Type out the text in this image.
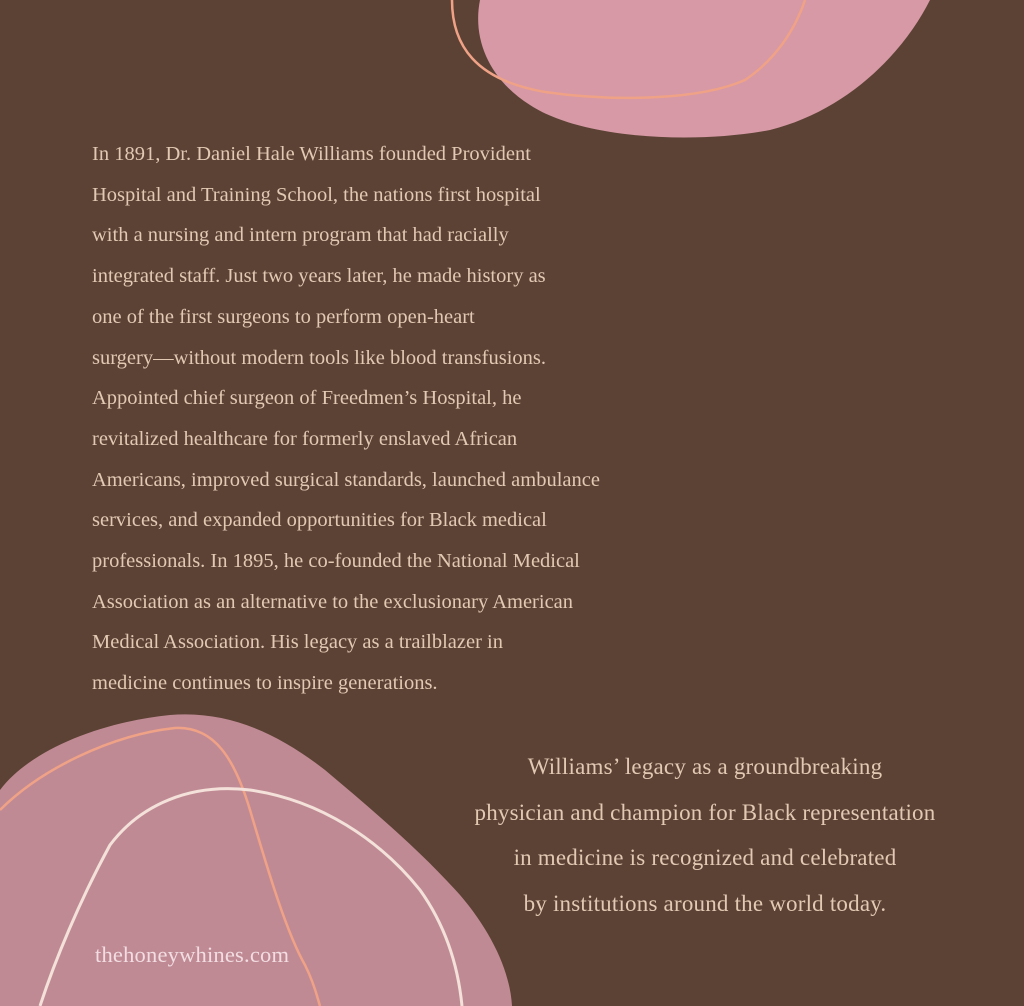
In 1891, Dr. Daniel Hale Williams founded Provident
Hospital and Training School, the nations first hospital
with a nursing and intern program that had racially
integrated staff. Just two years later, he made history as
one of the first surgeons to perform open-heart
surgery—without modern tools like blood transfusions.
Appointed chief surgeon of Freedmen’s Hospital, he
revitalized healthcare for formerly enslaved African
Americans, improved surgical standards, launched ambulance
services, and expanded opportunities for Black medical
professionals. In 1895, he co-founded the National Medical
Association as an alternative to the exclusionary American
Medical Association. His legacy as a trailblazer in
medicine continues to inspire generations.
Williams’ legacy as a groundbreaking
physician and champion for Black representation
in medicine is recognized and celebrated
by institutions around the world today.
thehoneywhines.com
